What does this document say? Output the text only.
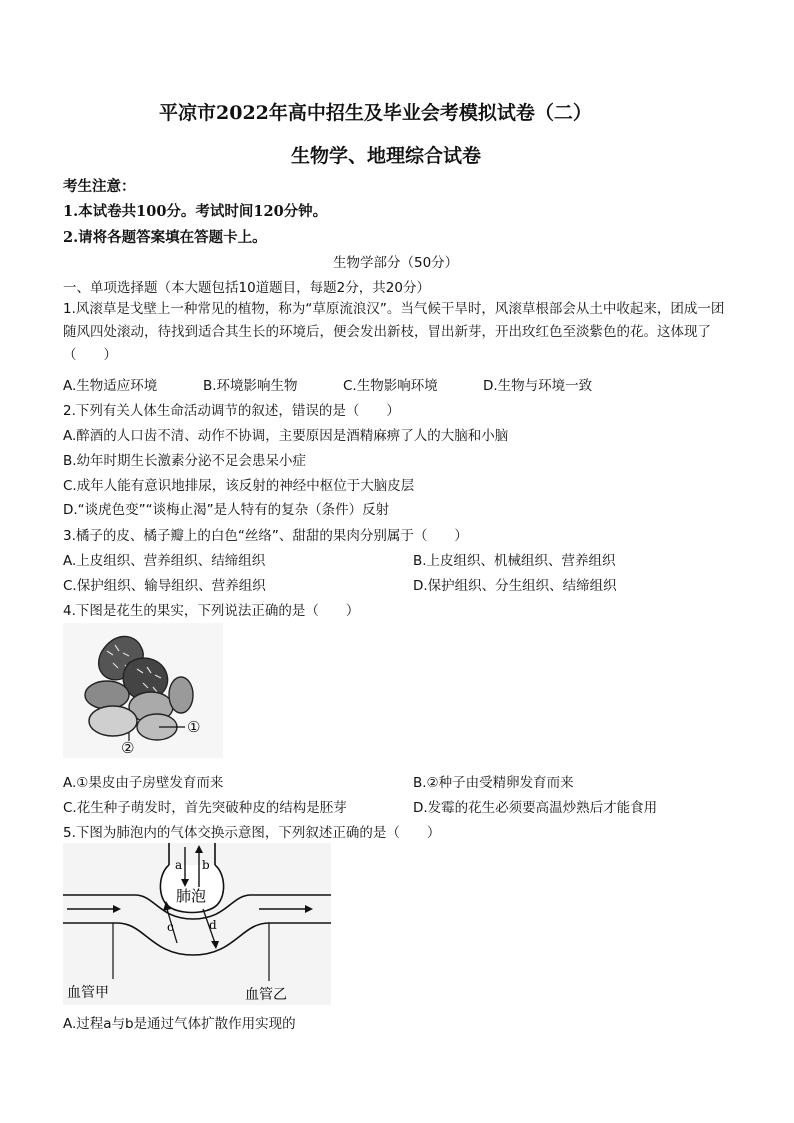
平凉市2022年高中招生及毕业会考模拟试卷（二）
生物学、地理综合试卷
考生注意：
1.本试卷共100分。考试时间120分钟。
2.请将各题答案填在答题卡上。
生物学部分（50分）
一、单项选择题（本大题包括10道题目，每题2分，共20分）
1.风滚草是戈壁上一种常见的植物，称为“草原流浪汉”。当气候干旱时，风滚草根部会从土中收起来，团成一团随风四处滚动，待找到适合其生长的环境后，便会发出新枝，冒出新芽，开出玫红色至淡紫色的花。这体现了（　　）
A.生物适应环境	B.环境影响生物	C.生物影响环境	D.生物与环境一致
2.下列有关人体生命活动调节的叙述，错误的是（　　）
A.醉酒的人口齿不清、动作不协调，主要原因是酒精麻痹了人的大脑和小脑
B.幼年时期生长激素分泌不足会患呆小症
C.成年人能有意识地排尿，该反射的神经中枢位于大脑皮层
D.“谈虎色变”“谈梅止渴”是人特有的复杂（条件）反射
3.橘子的皮、橘子瓣上的白色“丝络”、甜甜的果肉分别属于（　　）
A.上皮组织、营养组织、结缔组织	B.上皮组织、机械组织、营养组织
C.保护组织、输导组织、营养组织	D.保护组织、分生组织、结缔组织
4.下图是花生的果实，下列说法正确的是（　　）
①
②
A.①果皮由子房壁发育而来	B.②种子由受精卵发育而来
C.花生种子萌发时，首先突破种皮的结构是胚芽	D.发霉的花生必须要高温炒熟后才能食用
5.下图为肺泡内的气体交换示意图，下列叙述正确的是（　　）
a b
肺泡
c	d
血管甲	血管乙
A.过程a与b是通过气体扩散作用实现的
